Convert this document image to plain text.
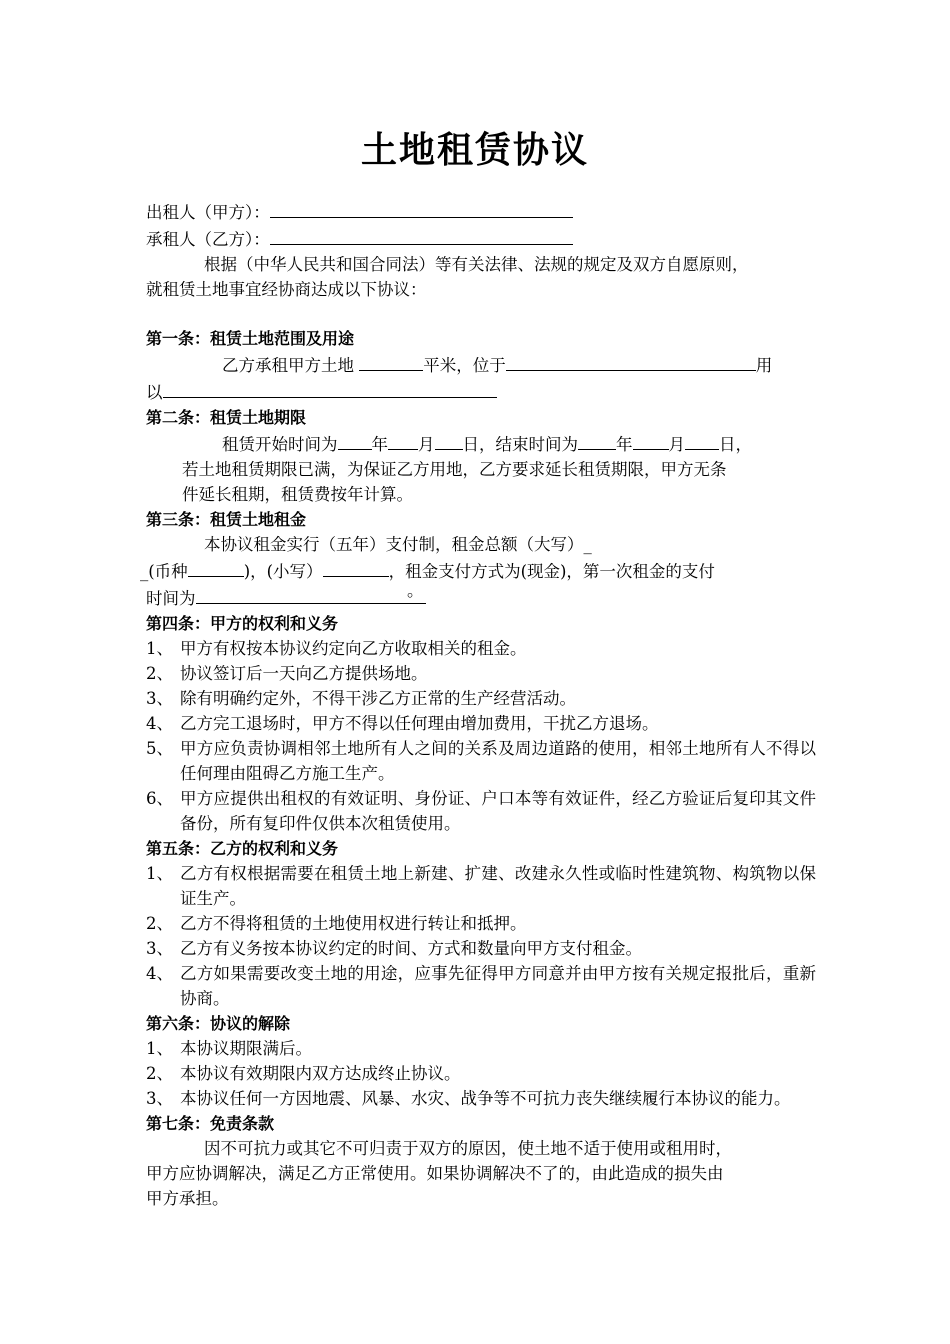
土地租赁协议
出租人（甲方）：
承租人（乙方）：
根据（中华人民共和国合同法）等有关法律、法规的规定及双方自愿原则，
就租赁土地事宜经协商达成以下协议：
第一条：租赁土地范围及用途
乙方承租甲方土地	平米，位于	用
以
第二条：租赁土地期限
租赁开始时间为 年 月 日，结束时间为 年 月 日，
若土地租赁期限已满，为保证乙方用地，乙方要求延长租赁期限，甲方无条
件延长租期，租赁费按年计算。
第三条：租赁土地租金
本协议租金实行（五年）支付制，租金总额（大写）_
_(币种	)，(小写）	，租金支付方式为(现金)，第一次租金的支付
时间为	。
第四条：甲方的权利和义务
1、 甲方有权按本协议约定向乙方收取相关的租金。
2、 协议签订后一天向乙方提供场地。
3、 除有明确约定外，不得干涉乙方正常的生产经营活动。
4、 乙方完工退场时，甲方不得以任何理由增加费用，干扰乙方退场。
5、 甲方应负责协调相邻土地所有人之间的关系及周边道路的使用，相邻土地所有人不得以任何理由阻碍乙方施工生产。
6、 甲方应提供出租权的有效证明、身份证、户口本等有效证件，经乙方验证后复印其文件备份，所有复印件仅供本次租赁使用。
第五条：乙方的权利和义务
1、 乙方有权根据需要在租赁土地上新建、扩建、改建永久性或临时性建筑物、构筑物以保证生产。
2、 乙方不得将租赁的土地使用权进行转让和抵押。
3、 乙方有义务按本协议约定的时间、方式和数量向甲方支付租金。
4、 乙方如果需要改变土地的用途，应事先征得甲方同意并由甲方按有关规定报批后，重新协商。
第六条：协议的解除
1、 本协议期限满后。
2、 本协议有效期限内双方达成终止协议。
3、 本协议任何一方因地震、风暴、水灾、战争等不可抗力丧失继续履行本协议的能力。
第七条：免责条款
因不可抗力或其它不可归责于双方的原因，使土地不适于使用或租用时，
甲方应协调解决，满足乙方正常使用。如果协调解决不了的，由此造成的损失由
甲方承担。
